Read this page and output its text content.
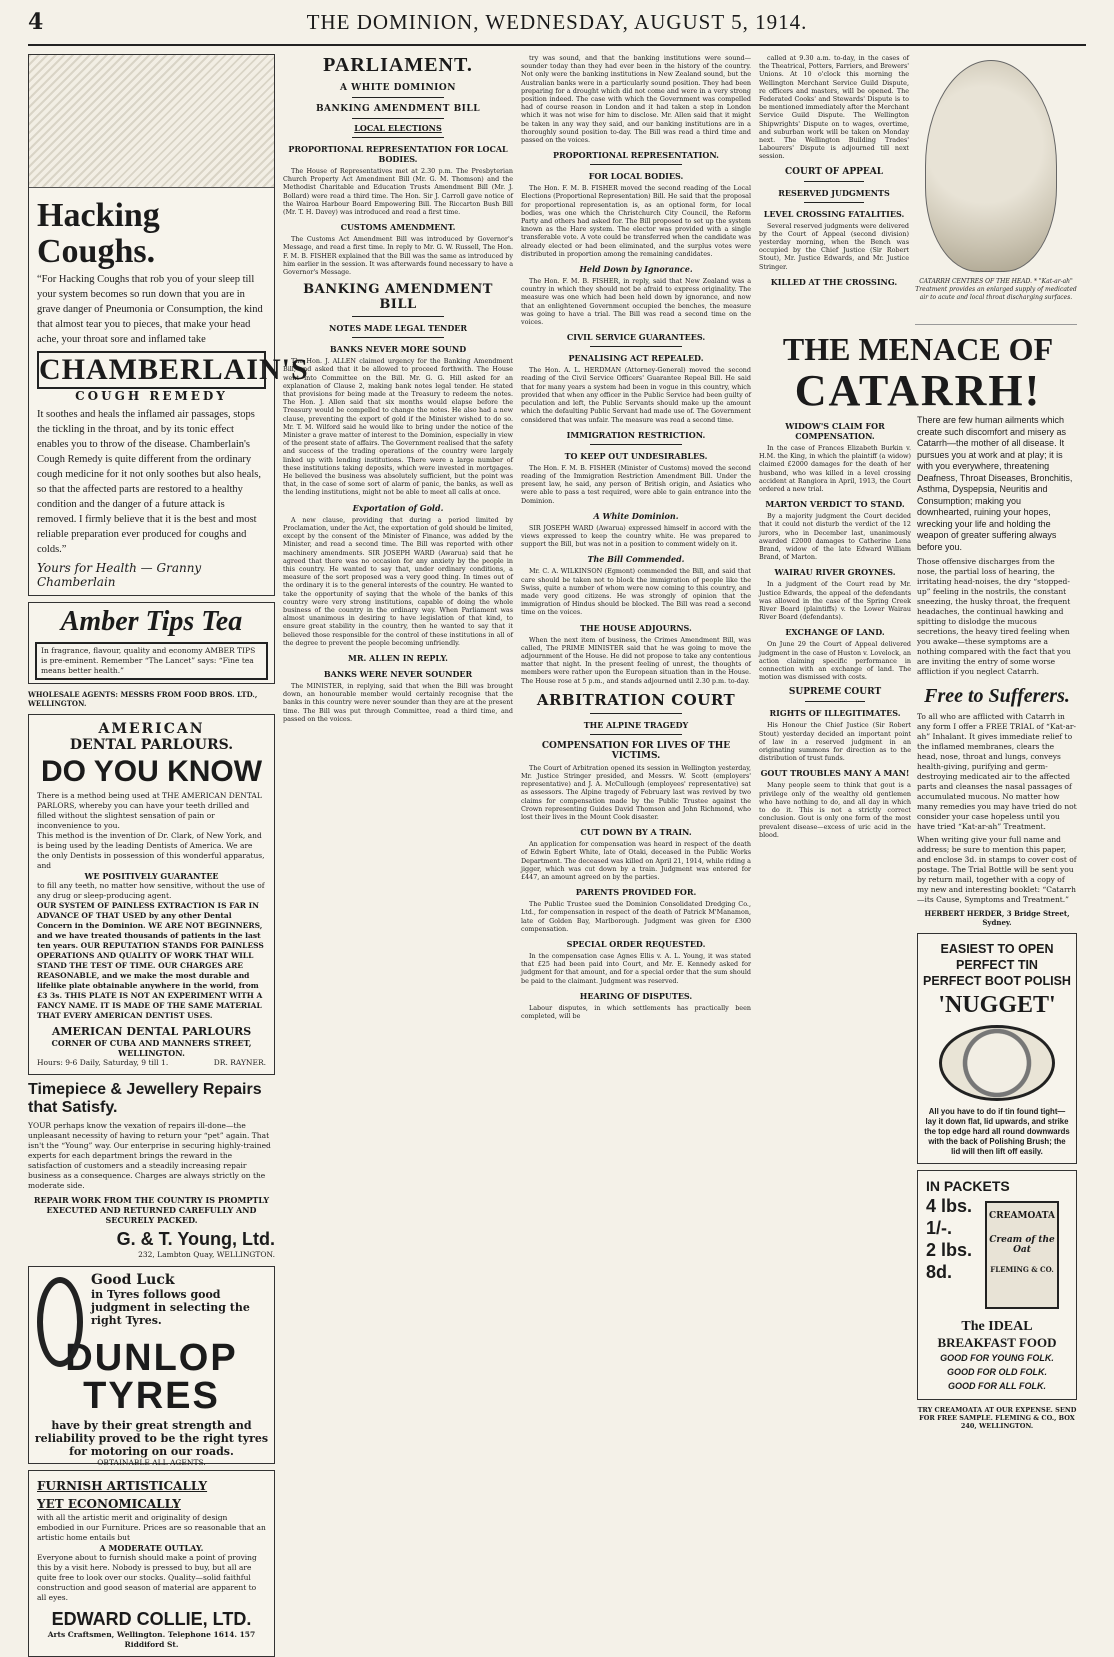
4	THE DOMINION, WEDNESDAY, AUGUST 5, 1914.
Hacking Coughs.
“For Hacking Coughs that rob you of your sleep till your system becomes so run down that you are in grave danger of Pneumonia or Consumption, the kind that almost tear you to pieces, that make your head ache, your throat sore and inflamed take
CHAMBERLAIN'S
COUGH REMEDY
It soothes and heals the inflamed air passages, stops the tickling in the throat, and by its tonic effect enables you to throw of the disease. Chamberlain's Cough Remedy is quite different from the ordinary cough medicine for it not only soothes but also heals, so that the affected parts are restored to a healthy condition and the danger of a future attack is removed. I firmly believe that it is the best and most reliable preparation ever produced for coughs and colds.”
Yours for Health — Granny Chamberlain
Amber Tips Tea
In fragrance, flavour, quality and economy AMBER TIPS is pre-eminent. Remember “The Lancet” says: “Fine tea means better health.”
WHOLESALE AGENTS: MESSRS FROM FOOD BROS. LTD., WELLINGTON.
AMERICAN
DENTAL PARLOURS.
DO YOU KNOW
There is a method being used at THE AMERICAN DENTAL PARLORS, whereby you can have your teeth drilled and filled without the slightest sensation of pain or inconvenience to you.
This method is the invention of Dr. Clark, of New York, and is being used by the leading Dentists of America. We are the only Dentists in possession of this wonderful apparatus, and
WE POSITIVELY GUARANTEE
to fill any teeth, no matter how sensitive, without the use of any drug or sleep-producing agent.
OUR SYSTEM OF PAINLESS EXTRACTION IS FAR IN ADVANCE OF THAT USED by any other Dental Concern in the Dominion. WE ARE NOT BEGINNERS, and we have treated thousands of patients in the last ten years. OUR REPUTATION STANDS FOR PAINLESS OPERATIONS AND QUALITY OF WORK THAT WILL STAND THE TEST OF TIME. OUR CHARGES ARE REASONABLE, and we make the most durable and lifelike plate obtainable anywhere in the world, from £3 3s. THIS PLATE IS NOT AN EXPERIMENT WITH A FANCY NAME. IT IS MADE OF THE SAME MATERIAL THAT EVERY AMERICAN DENTIST USES.
AMERICAN DENTAL PARLOURS
CORNER OF CUBA AND MANNERS STREET, WELLINGTON.
Hours: 9-6 Daily, Saturday, 9 till 1.	DR. RAYNER.
Timepiece & Jewellery Repairs that Satisfy.
YOUR perhaps know the vexation of repairs ill-done—the unpleasant necessity of having to return your “pet” again. That isn't the “Young” way. Our enterprise in securing highly-trained experts for each department brings the reward in the satisfaction of customers and a steadily increasing repair business as a consequence. Charges are always strictly on the moderate side.
REPAIR WORK FROM THE COUNTRY IS PROMPTLY EXECUTED AND RETURNED CAREFULLY AND SECURELY PACKED.
G. & T. Young, Ltd.
232, Lambton Quay, WELLINGTON.
Good Luck
in Tyres follows good judgment in selecting the right Tyres.
DUNLOP TYRES
have by their great strength and reliability proved to be the right tyres for motoring on our roads.
OBTAINABLE ALL AGENTS.
FURNISH ARTISTICALLY
YET ECONOMICALLY
with all the artistic merit and originality of design embodied in our Furniture. Prices are so reasonable that an artistic home entails but
A MODERATE OUTLAY.
Everyone about to furnish should make a point of proving this by a visit here. Nobody is pressed to buy, but all are quite free to look over our stocks. Quality—solid faithful construction and good season of material are apparent to all eyes.
EDWARD COLLIE, LTD.
Arts Craftsmen, Wellington. Telephone 1614. 157 Riddiford St.
PARLIAMENT.
A WHITE DOMINION
BANKING AMENDMENT BILL
LOCAL ELECTIONS
PROPORTIONAL REPRESENTATION FOR LOCAL BODIES.

The House of Representatives met at 2.30 p.m. The Presbyterian Church Property Act Amendment Bill (Mr. G. M. Thomson) and the Methodist Charitable and Education Trusts Amendment Bill (Mr. J. Bollard) were read a third time. The Hon. Sir J. Carroll gave notice of the Wairoa Harbour Board Empowering Bill. The Riccarton Bush Bill (Mr. T. H. Davey) was introduced and read a first time.

CUSTOMS AMENDMENT.

The Customs Act Amendment Bill was introduced by Governor's Message, and read a first time. In reply to Mr. G. W. Russell, The Hon. F. M. B. FISHER explained that the Bill was the same as introduced by him earlier in the session. It was afterwards found necessary to have a Governor's Message.

BANKING AMENDMENT BILL
NOTES MADE LEGAL TENDER
BANKS NEVER MORE SOUND

The Hon. J. ALLEN claimed urgency for the Banking Amendment Bill, and asked that it be allowed to proceed forthwith. The House went into Committee on the Bill. Mr. G. G. Hill asked for an explanation of Clause 2, making bank notes legal tender. He stated that provisions for being made at the Treasury to redeem the notes. The Hon. J. Allen said that six months would elapse before the Treasury would be compelled to change the notes. He also had a new clause, preventing the export of gold if the Minister wished to do so. Mr. T. M. Wilford said he would like to bring under the notice of the Minister a grave matter of interest to the Dominion, especially in view of the present state of affairs. The Government realised that the safety and success of the trading operations of the country were largely linked up with lending institutions. There were a large number of these institutions taking deposits, which were invested in mortgages. He believed the business was absolutely sufficient, but the point was that, in the case of some sort of alarm of panic, the banks, as well as the lending institutions, might not be able to meet all calls at once.

Exportation of Gold.

A new clause, providing that during a period limited by Proclamation, under the Act, the exportation of gold should be limited, except by the consent of the Minister of Finance, was added by the Minister, and read a second time. The Bill was reported with other machinery amendments. SIR JOSEPH WARD (Awarua) said that he agreed that there was no occasion for any anxiety by the people in this country. He wanted to say that, under ordinary conditions, a measure of the sort proposed was a very good thing. In times out of the ordinary it is to the general interests of the country. He wanted to take the opportunity of saying that the whole of the banks of this country were very strong institutions, capable of doing the whole business of the country in the ordinary way. When Parliament was almost unanimous in desiring to have legislation of that kind, to ensure great stability in the country, then he wanted to say that it believed those responsible for the control of these institutions in all of the degree to prevent the people becoming unfriendly.

MR. ALLEN IN REPLY.
BANKS WERE NEVER SOUNDER

The MINISTER, in replying, said that when the Bill was brought down, an honourable member would certainly recognise that the banks in this country were never sounder than they are at the present time. The Bill was put through Committee, read a third time, and passed on the voices.

try was sound, and that the banking institutions were sound—sounder today than they had ever been in the history of the country. Not only were the banking institutions in New Zealand sound, but the Australian banks were in a particularly sound position. They had been preparing for a drought which did not come and were in a very strong position indeed. The case with which the Government was compelled had of course reason in London and it had taken a step in London which it was not wise for him to disclose. Mr. Allen said that it might be taken in any way they said, and our banking institutions are in a thoroughly sound position to-day. The Bill was read a third time and passed on the voices.

PROPORTIONAL REPRESENTATION.
FOR LOCAL BODIES.

The Hon. F. M. B. FISHER moved the second reading of the Local Elections (Proportional Representation) Bill. He said that the proposal for proportional representation is, as an optional form, for local bodies, was one which the Christchurch City Council, the Reform Party and others had asked for. The Bill proposed to set up the system known as the Hare system. The elector was provided with a single transferable vote. A vote could be transferred when the candidate was already elected or had been eliminated, and the surplus votes were distributed in proportion among the remaining candidates.

Held Down by Ignorance.

The Hon. F. M. B. FISHER, in reply, said that New Zealand was a country in which they should not be afraid to express originality. The measure was one which had been held down by ignorance, and now that an enlightened Government occupied the benches, the measure was going to have a trial. The Bill was read a second time on the voices.

CIVIL SERVICE GUARANTEES.
PENALISING ACT REPEALED.

The Hon. A. L. HERDMAN (Attorney-General) moved the second reading of the Civil Service Officers' Guarantee Repeal Bill. He said that for many years a system had been in vogue in this country, which provided that when any officer in the Public Service had been guilty of peculation and left, the Public Servants should make up the amount which the defaulting Public Servant had made use of. The Government considered that was unfair. The measure was read a second time.

IMMIGRATION RESTRICTION.
TO KEEP OUT UNDESIRABLES.

The Hon. F. M. B. FISHER (Minister of Customs) moved the second reading of the Immigration Restriction Amendment Bill. Under the present law, he said, any person of British origin, and Asiatics who were able to pass a test required, were able to gain entrance into the Dominion.

A White Dominion.

SIR JOSEPH WARD (Awarua) expressed himself in accord with the views expressed to keep the country white. He was prepared to support the Bill, but was not in a position to comment widely on it.

The Bill Commended.

Mr. C. A. WILKINSON (Egmont) commended the Bill, and said that care should be taken not to block the immigration of people like the Swiss, quite a number of whom were now coming to this country, and made very good citizens. He was strongly of opinion that the immigration of Hindus should be blocked. The Bill was read a second time on the voices.

THE HOUSE ADJOURNS.

When the next item of business, the Crimes Amendment Bill, was called, The PRIME MINISTER said that he was going to move the adjournment of the House. He did not propose to take any contentious matter that night. In the present feeling of unrest, the thoughts of members were rather upon the European situation than in the House. The House rose at 5 p.m., and stands adjourned until 2.30 p.m. to-day.

ARBITRATION COURT
THE ALPINE TRAGEDY
COMPENSATION FOR LIVES OF THE VICTIMS.

The Court of Arbitration opened its session in Wellington yesterday, Mr. Justice Stringer presided, and Messrs. W. Scott (employers' representative) and J. A. McCullough (employees' representative) sat as assessors. The Alpine tragedy of February last was revived by two claims for compensation made by the Public Trustee against the Crown representing Guides David Thomson and John Richmond, who lost their lives in the Mount Cook disaster.

CUT DOWN BY A TRAIN.

An application for compensation was heard in respect of the death of Edwin Egbert White, late of Otaki, deceased in the Public Works Department. The deceased was killed on April 21, 1914, while riding a jigger, which was cut down by a train. Judgment was entered for £447, an amount agreed on by the parties.

PARENTS PROVIDED FOR.

The Public Trustee sued the Dominion Consolidated Dredging Co., Ltd., for compensation in respect of the death of Patrick M'Manamon, late of Golden Bay, Marlborough. Judgment was given for £300 compensation.

SPECIAL ORDER REQUESTED.

In the compensation case Agnes Ellis v. A. L. Young, it was stated that £25 had been paid into Court, and Mr. E. Kennedy asked for judgment for that amount, and for a special order that the sum should be paid to the claimant. Judgment was reserved.

HEARING OF DISPUTES.

Labour disputes, in which settlements has practically been completed, will be

called at 9.30 a.m. to-day, in the cases of the Theatrical, Potters, Farriers, and Brewers' Unions. At 10 o'clock this morning the Wellington Merchant Service Guild Dispute, re officers and masters, will be opened. The Federated Cooks' and Stewards' Dispute is to be mentioned immediately after the Merchant Service Guild Dispute. The Wellington Shipwrights' Dispute on to wages, overtime, and suburban work will be taken on Monday next. The Wellington Building Trades' Labourers' Dispute is adjourned till next session.

COURT OF APPEAL
RESERVED JUDGMENTS
LEVEL CROSSING FATALITIES.

Several reserved judgments were delivered by the Court of Appeal (second division) yesterday morning, when the Bench was occupied by the Chief Justice (Sir Robert Stout), Mr. Justice Edwards, and Mr. Justice Stringer.

KILLED AT THE CROSSING.	CATARRH CENTRES OF THE HEAD. * "Kat-ar-ah" Treatment provides an enlarged supply of medicated air to acute and local throat discharging surfaces.
THE MENACE OF
CATARRH!
WIDOW'S CLAIM FOR COMPENSATION.

In the case of Frances Elizabeth Burkin v. H.M. the King, in which the plaintiff (a widow) claimed £2000 damages for the death of her husband, who was killed in a level crossing accident at Rangiora in April, 1913, the Court ordered a new trial.

MARTON VERDICT TO STAND.

By a majority judgment the Court decided that it could not disturb the verdict of the 12 jurors, who in December last, unanimously awarded £2000 damages to Catherine Lena Brand, widow of the late Edward William Brand, of Marton.

WAIRAU RIVER GROYNES.

In a judgment of the Court read by Mr. Justice Edwards, the appeal of the defendants was allowed in the case of the Spring Creek River Board (plaintiffs) v. the Lower Wairau River Board (defendants).

EXCHANGE OF LAND.

On June 29 the Court of Appeal delivered judgment in the case of Huston v. Lovelock, an action claiming specific performance in connection with an exchange of land. The motion was dismissed with costs.

SUPREME COURT
RIGHTS OF ILLEGITIMATES.

His Honour the Chief Justice (Sir Robert Stout) yesterday decided an important point of law in a reserved judgment in an originating summons for direction as to the distribution of trust funds.

GOUT TROUBLES MANY A MAN!

Many people seem to think that gout is a privilege only of the wealthy old gentlemen who have nothing to do, and all day in which to do it. This is not a strictly correct conclusion. Gout is only one form of the most prevalent disease—excess of uric acid in the blood.

There are few human ailments which create such discomfort and misery as Catarrh—the mother of all disease. It pursues you at work and at play; it is with you everywhere, threatening Deafness, Throat Diseases, Bronchitis, Asthma, Dyspepsia, Neuritis and Consumption; making you downhearted, ruining your hopes, wrecking your life and holding the weapon of greater suffering always before you.
Those offensive discharges from the nose, the partial loss of hearing, the irritating head-noises, the dry “stopped-up” feeling in the nostrils, the constant sneezing, the husky throat, the frequent headaches, the continual hawking and spitting to dislodge the mucous secretions, the heavy tired feeling when you awake—these symptoms are a nothing compared with the fact that you are inviting the entry of some worse affliction if you neglect Catarrh.
Free to Sufferers.
To all who are afflicted with Catarrh in any form I offer a FREE TRIAL of “Kat-ar-ah” Inhalant. It gives immediate relief to the inflamed membranes, clears the head, nose, throat and lungs, conveys health-giving, purifying and germ-destroying medicated air to the affected parts and cleanses the nasal passages of accumulated mucous. No matter how many remedies you may have tried do not consider your case hopeless until you have tried “Kat-ar-ah” Treatment.
When writing give your full name and address; be sure to mention this paper, and enclose 3d. in stamps to cover cost of postage. The Trial Bottle will be sent you by return mail, together with a copy of my new and interesting booklet: “Catarrh—its Cause, Symptoms and Treatment.”
HERBERT HERDER, 3 Bridge Street, Sydney.
EASIEST TO OPEN
PERFECT TIN
PERFECT BOOT POLISH
'NUGGET'
All you have to do if tin found tight—lay it down flat, lid upwards, and strike the top edge hard all round downwards with the back of Polishing Brush; the lid will then lift off easily.
IN PACKETS
4 lbs.
1/-.
2 lbs.
8d.
CREAMOATA
Cream of the Oat
FLEMING & CO.
The IDEAL
BREAKFAST FOOD
GOOD FOR YOUNG FOLK.
GOOD FOR OLD FOLK.
GOOD FOR ALL FOLK.
TRY CREAMOATA AT OUR EXPENSE. SEND FOR FREE SAMPLE. FLEMING & CO., BOX 240, WELLINGTON.
